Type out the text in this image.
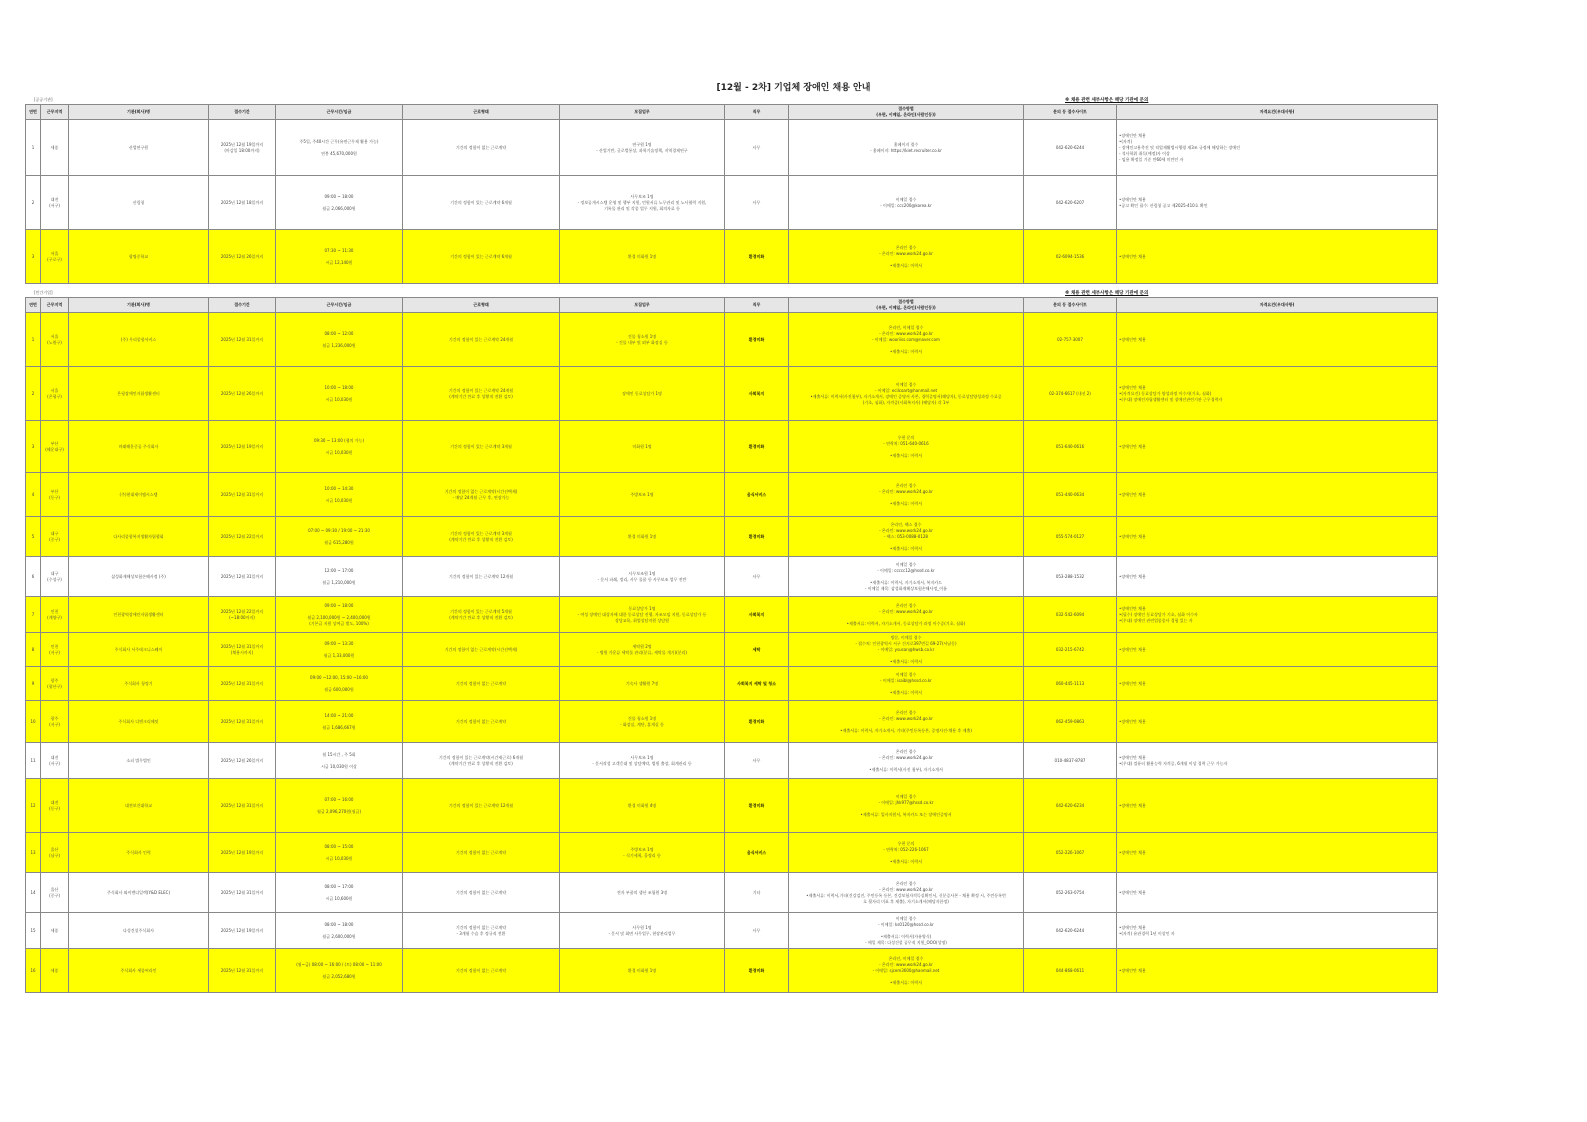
[12월 - 2차] 기업체 장애인 채용 안내
[공공기관]	※ 채용 관련 세부사항은 해당 기관에 문의
연번	근무지역	기관(회사)명	접수기간	근무시간/임금	근로형태	모집업무	직무	접수방법
(우편, 이메일, 온라인(사람인등))	문의 등 접수사이트	자격요건(우대사항)
1	세종	산업연구원	2025년 12월 19일까지
(마감일 18:00까지)	주5일, 주40시간 근무(유연근무제 활용 가능)

연봉 45,670,000원	기간의 정함이 없는 근로계약	연구원 1명
- 산업기반, 글로벌통상, 과학기술정책, 지역경제연구	사무	홈페이지 접수
- 홈페이지: https://kiet.recruiter.co.kr	042-620-6244	•장애인만 채용
•(자격)
- 장애인고용촉진 및 직업재활법시행령 제3조 규정에 해당하는 장애인
- 석사학위 취득(예정)자 이상
- 임용 확정일 기준 만60세 미만인 자
2	대전
(서구)	산림청	2025년 12월 18일까지	09:00 ~ 18:00

월급 2,066,000원	기간의 정함이 있는 근로계약 6개월	사무보조 1명
- 정보공개시스템 운영 및 행부 지원, 민원서류 노무관리 및 노사협력 지원,
기록물 관리 및 각종 업무 지원, 회의자료 등	사무	이메일 접수
- 이메일: ccc200@korea.kr	042-620-6207	•장애인만 채용
•공고 확인 필수: 산림청 공고 제2025-410호 확인
3	서울
(구로구)	광명중학교	2025년 12월 26일까지	07:30 ~ 11:30

시급 12,140원	기간의 정함이 있는 근로계약 6개월	환경 미화원 1명	환경미화	온라인 접수
- 온라인: www.work24.go.kr

•제출서류: 이력서	02-6094-1536	•장애인만 채용
[민간기업]	※ 채용 관련 세부사항은 해당 기관에 문의
연번	근무지역	기관(회사)명	접수기간	근무시간/임금	근로형태	모집업무	직무	접수방법
(우편, 이메일, 온라인(사람인등))	문의 등 접수사이트	자격요건(우대사항)
1	서울
(노원구)	(주) 우리종합서비스	2025년 12월 31일까지	08:00 ~ 12:00

월급 1,236,000원	기간의 정함이 있는 근로계약 24개월	건물 청소원 1명
- 건물 내부 및 외부 화장실 등	환경미화	온라인, 이메일 접수
- 온라인: www.work24.go.kr
- 이메일: wooriiss.com@naver.com

•제출서류: 이력서	02-757-3007	•장애인만 채용
2	서울
(은평구)	은평장애인자립생활센터	2025년 12월 26일까지	10:00 ~ 18:00

시급 10,030원	기간의 정함이 있는 근로계약 24개월
(계약기간 만료 후 상황직 전환 검토)	장애인 동료상담가 1명	사회복지	이메일 접수
- 이메일: ecilcoart@hanmail.net
•제출서류: 이력서(사진첨부), 자기소개서, 장애인 증명서 사본, 경력증명서(해당자), 동료상담양성과정 수료증
(기초, 심화), 자격증(사회복지사) (해당자) 각 1부	02-374-6617 (내선 2)	•장애인만 채용
•(자격요건) 동료상담가 양성과정 이수자(기초, 심화)
•(우대) 장애인자립생활센터 및 장애인관련기관 근무경력자
3	부산
(해운대구)	미래해운중공 주식회사	2025년 12월 19일까지	09:30 ~ 13:00 (협의 가능)

시급 10,030원	기간의 정함이 있는 근로계약 3개월	미화원 1명	환경미화	우편 문의
- 연락처: 051-640-0616

•제출서류: 이력서	051-640-0616	•장애인만 채용
4	부산
(동구)	(주)현대제이엠시스템	2025년 12월 31일까지	10:00 ~ 14:30

시급 10,030원	기간의 정함이 없는 근로계약(시간선택제)
- 매달 24개월 근무 후, 연장가능	주방보조 1명	음식서비스	온라인 접수
- 온라인: www.work24.go.kr

•제출서류: 이력서	051-440-0634	•장애인만 채용
5	대구
(중구)	다사리종합복지생활자립협회	2025년 12월 22일까지	07:00 ~ 09:30 / 19:00 ~ 21:30

월급 615,280원	기간의 정함이 있는 근로계약 3개월
(계약기간 만료 후 상황직 전환 검토)	환경 미화원 1명	환경미화	온라인, 팩스 접수
- 온라인: www.work24.go.kr
- 팩스: 053-0088-0128

•제출서류: 이력서	055-574-0127	•장애인만 채용
6	대구
(수성구)	삼성화재해상보험손해사정 (주)	2025년 12월 31일까지	12:00 ~ 17:00

월급 1,210,000원	기간의 정함이 있는 근로계약 12개월	사무보조원 1명
- 문서 파쇄, 정리, 사무 물품 등 사무보조 업무 전반	사무	이메일 접수
- 이메일: ccccc12@hssd.co.kr

•제출서류: 이력서, 자기소개서, 복지카드
- 이메일 제목: 삼성화재해상보험손해사정_이름	053-288-1532	•장애인만 채용
7	인천
(계양구)	인천광역장애인자립생활센터	2025년 12월 22일까지
(~18:00까지)	09:00 ~ 18:00

월급 2,100,000원 ~ 2,400,000원
(기본급 지원 상여금 별도, 100%)	기간의 정함이 있는 근로계약 5개월
(계약기간 만료 후 상황직 전환 검토)	동료상담가 1명
- 여성 장애인 대상자에 대한 동료상담 진행, 자조모임 지원, 동료상담가 등
상담교육, 취업상담지원 상담원	사회복지	온라인 접수
- 온라인: www.work24.go.kr

•제출서류: 이력서, 자기소개서, 동료상담가 과정 이수증(기초, 심화)	032-542-6094	•장애인만 채용
•(필수) 장애인 동료상담가 기초, 심화 이수자
•(우대) 장애인 관련업종종사 경험 있는 자
8	인천
(서구)	주식회사 서주테크니스웨이	2025년 12월 31일까지
(채용시까지)	09:00 ~ 13:30

월급 1,33,000원	기간의 정함이 없는 근로계약(시간선택제)	세탁원 2명
- 병원 가운류 세탁물 관리(분류, 세탁물 개기)(분리)	세탁	방문, 이메일 접수
- 접수처: 인천광역시 서구 건지로397번길 69-27(서남동)
- 이메일: ysusan@hwsb.co.kr

•제출서류: 이력서	032-215-6742	•장애인만 채용
9	광주
(광산구)	주식회사 청정기	2025년 12월 31일까지	09:00 ~12:00, 15:00 ~16:00

월급 600,000원	기간의 정함이 없는 근로계약	기숙사 생활원 7명	사회복지 세탁 및 청소	이메일 접수
- 이메일: isaibl@hssd.co.kr

•제출서류: 이력서	060-445-1113	•장애인만 채용
10	광주
(서구)	주식회사 디앤크리에잇	2025년 12월 31일까지	14:00 ~ 21:00

월급 1,686,667원	기간의 정함이 없는 근로계약	건물 청소원 1명
- 화장실, 계단, 휴게실 등	환경미화	온라인 접수
- 온라인: www.work24.go.kr

•제출서류: 이력서, 자기소개서, 기타(주민등록등본, 증명사진-채용 후 제출)	062-459-0863	•장애인만 채용
11	대전
(서구)	소피 법무법인	2025년 12월 26일까지	월 15시간 , 주 5회

시급 10,030원 이상	기간의 정함이 있는 근로계약(시간제근로) 6개월
(계약기간 만료 후 상황직 전환 검토)	사무보조 1명
- 문서작성 고객응대 및 상담예약, 법원 출장, 회계관리 등	사무	온라인 접수
- 온라인: www.work24.go.kr

•제출서류: 이력서(사진 첨부), 자기소개서	010-4837-8787	•장애인만 채용
•(우대) 컴퓨터 활용능력 자격증, 6개월 이상 경력 근무 가능자
12	대전
(동구)	대전보건대학교	2025년 12월 31일까지	07:00 ~ 16:00

월급 2,096,270원(월급)	기간의 정함이 있는 근로계약 12개월	환경 미화원 4명	환경미화	이메일 접수
- 이메일: jhk977@hssd.co.kr

•제출서류: 입사지원서, 복지카드 또는 장애인증명서	042-620-6234	•장애인만 채용
13	울산
(남구)	주식회사 인력	2025년 12월 19일까지	08:00 ~ 15:00

시급 10,030원	기간의 정함이 없는 근로계약	주방보조 1명
- 식기세척, 홀정리 등	음식서비스	우편 문의
- 연락처: 052-226-1067

•제출서류: 이력서	052-226-1067	•장애인만 채용
14	울산
(중구)	주식회사 와이엔디일렉(Y&D ELEC)	2025년 12월 31일까지	08:00 ~ 17:00

시급 10,600원	기간의 정함이 없는 근로계약	전자 부품의 생산 조립원 3명	기타	온라인 접수
- 온라인: www.work24.go.kr
•제출서류: 이력서,기타(건강검진, 주민등록 등본, 건강보험자격득실확인서, 신분증사본 - 채용 확정 시, 주민등록번
호 뒷자리 미표 후 제출), 자기소개서(해당자한정)	052-263-0754	•장애인만 채용
15	세종	다성건설주식회사	2025년 12월 19일까지	08:00 ~ 18:00

월급 2,600,000원	기간의 정함이 없는 근로계약
- 3개월 수습 후 정규직 전환	사무원 1명
- 문서 및 회면 사무업무, 현장관리업무	사무	이메일 접수
- 이메일: ks0120@hssd.co.kr

•제출서류: 이력서(자유양식)
- 메일 제목: 다성건설 공무직 지원_OOO(성명)	042-620-6244	•장애인만 채용
•(자격) 유관경력 1년 이상인 자
16	세종	주식회사 세종씨라인	2025년 12월 31일까지	(월~금) 08:00 ~ 16:00 / (토) 08:00 ~ 11:00

월급 2,052,680원	기간의 정함이 없는 근로계약	환경 미화원 1명	환경미화	온라인, 이메일 접수
- 온라인: www.work24.go.kr
- 이메일: sjcem3600@hanmail.net

•제출서류: 이력서	044-868-0611	•장애인만 채용
